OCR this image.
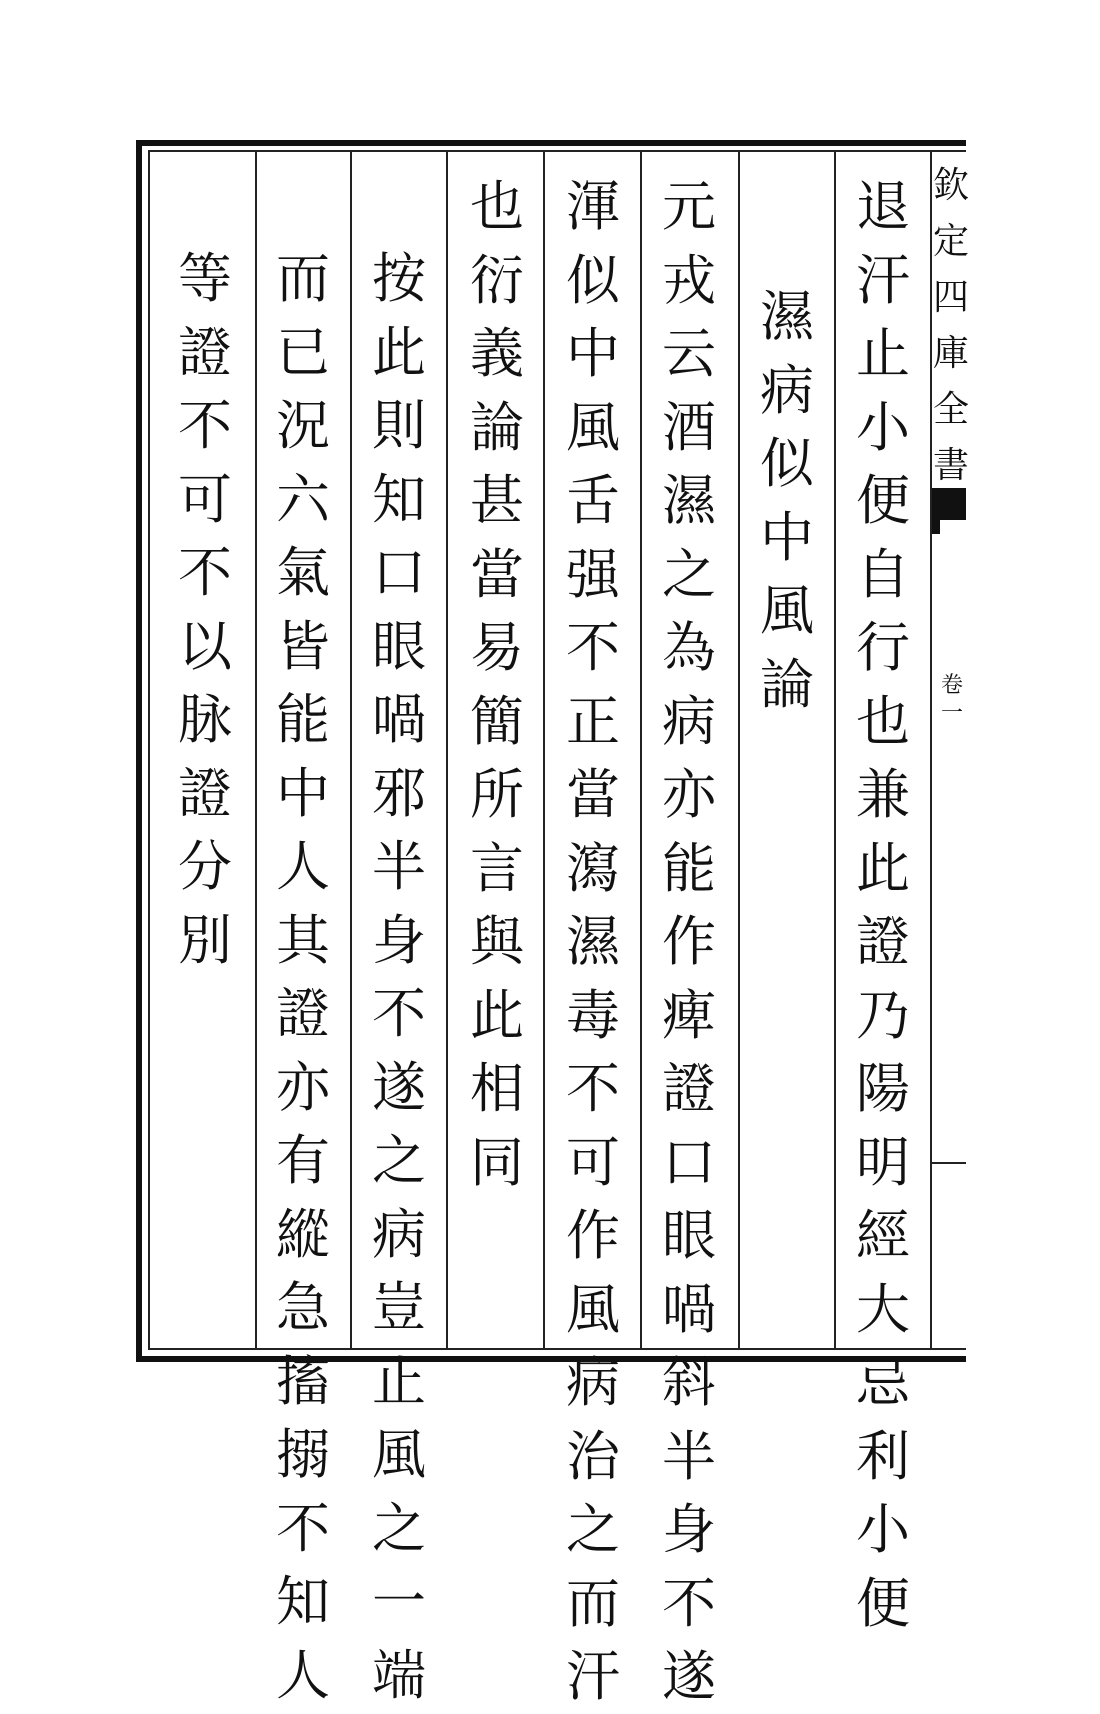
欽
定
四
庫
全
書
卷
一
退
汗
止
小
便
自
行
也
兼
此
證
乃
陽
明
經
大
忌
利
小
便
濕
病
似
中
風
論
元
戎
云
酒
濕
之
為
病
亦
能
作
痺
證
口
眼
喎
斜
半
身
不
遂
渾
似
中
風
舌
强
不
正
當
瀉
濕
毒
不
可
作
風
病
治
之
而
汗
也
衍
義
論
甚
當
易
簡
所
言
與
此
相
同
按
此
則
知
口
眼
喎
邪
半
身
不
遂
之
病
豈
止
風
之
一
端
而
已
況
六
氣
皆
能
中
人
其
證
亦
有
縱
急
搐
搦
不
知
人
等
證
不
可
不
以
脉
證
分
別
